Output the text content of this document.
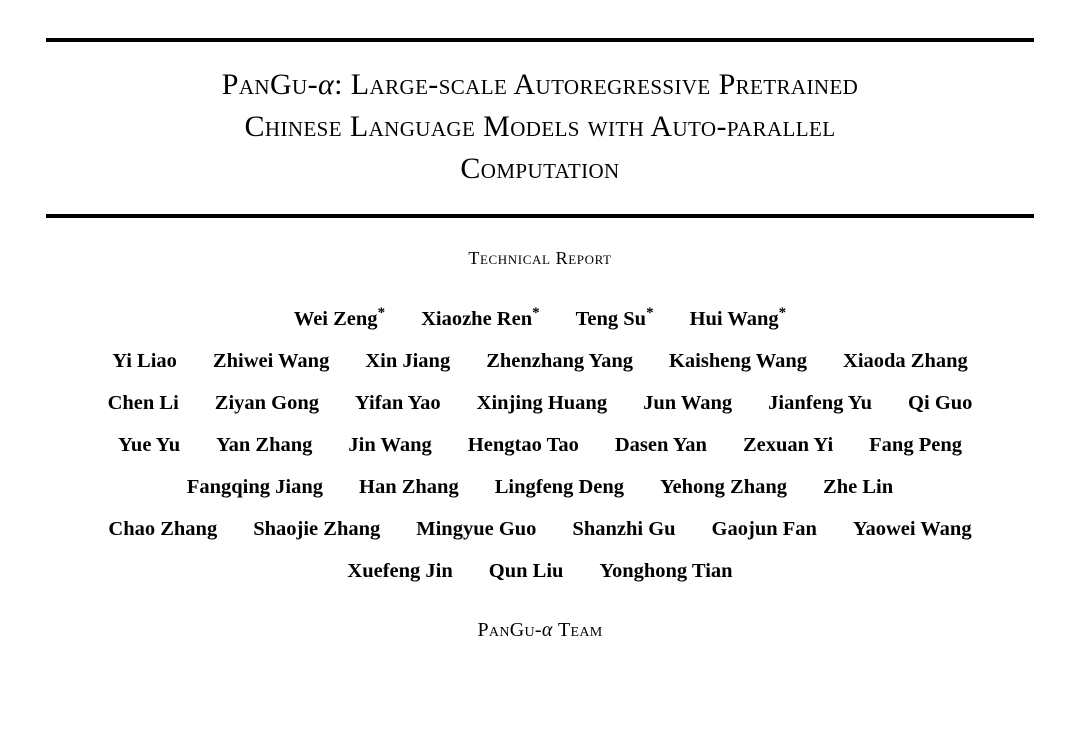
PanGu-α: Large-scale Autoregressive Pretrained
Chinese Language Models with Auto-parallel
Computation
Technical Report
Wei Zeng*	Xiaozhe Ren*	Teng Su*	Hui Wang*
Yi Liao	Zhiwei Wang	Xin Jiang	Zhenzhang Yang	Kaisheng Wang	Xiaoda Zhang
Chen Li	Ziyan Gong	Yifan Yao	Xinjing Huang	Jun Wang	Jianfeng Yu	Qi Guo
Yue Yu	Yan Zhang	Jin Wang	Hengtao Tao	Dasen Yan	Zexuan Yi	Fang Peng
Fangqing Jiang	Han Zhang	Lingfeng Deng	Yehong Zhang	Zhe Lin
Chao Zhang	Shaojie Zhang	Mingyue Guo	Shanzhi Gu	Gaojun Fan	Yaowei Wang
Xuefeng Jin	Qun Liu	Yonghong Tian
PanGu-α Team
